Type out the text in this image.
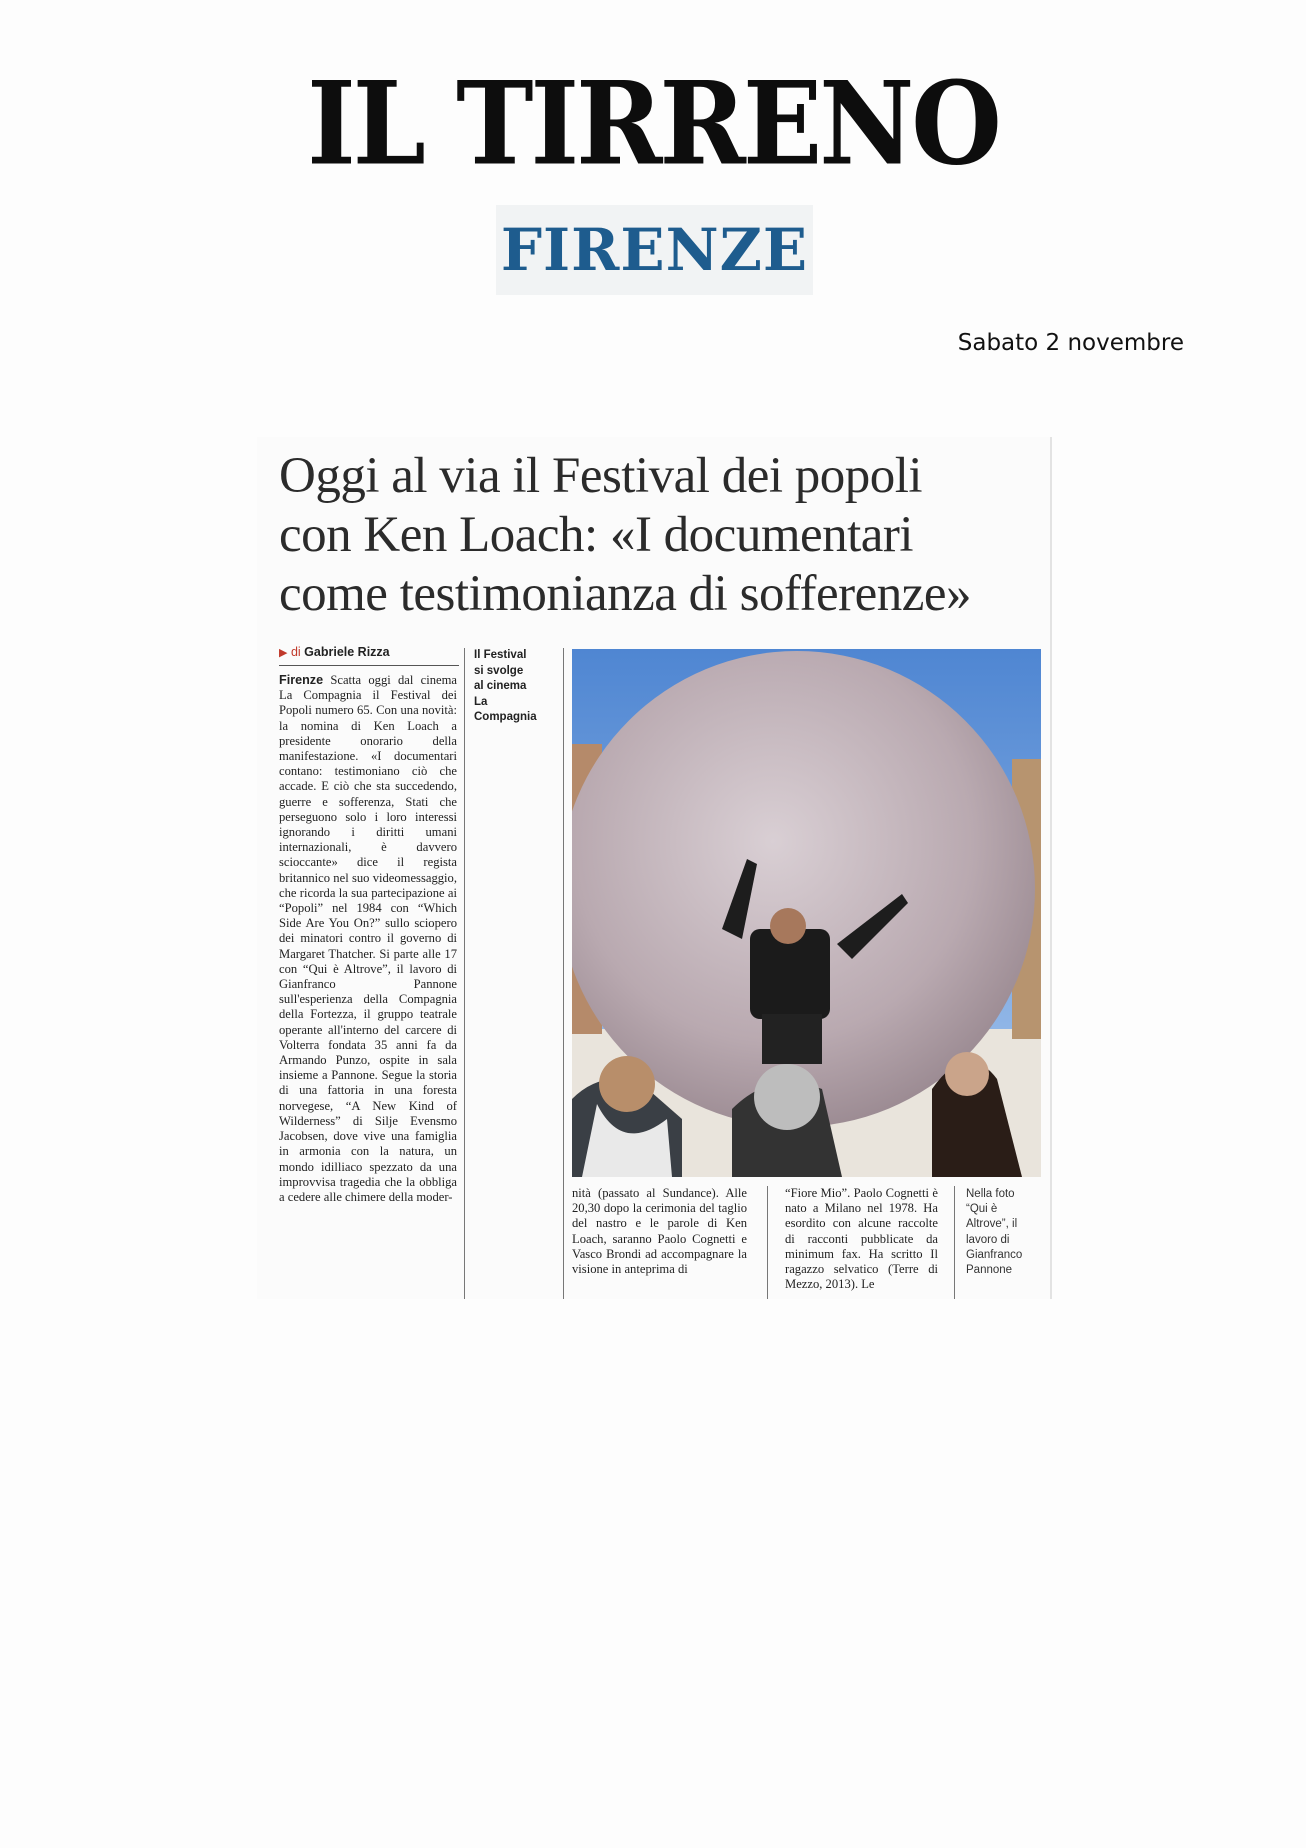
IL TIRRENO
FIRENZE
Sabato 2 novembre
Oggi al via il Festival dei popoli
con Ken Loach: «I documentari
come testimonianza di sofferenze»
▶ di Gabriele Rizza
Firenze Scatta oggi dal cinema La Compagnia il Festival dei Popoli numero 65. Con una novità: la nomina di Ken Loach a presidente onorario della manifestazione. «I documentari contano: testimoniano ciò che accade. E ciò che sta succedendo, guerre e sofferenza, Stati che perseguono solo i loro interessi ignorando i diritti umani internazionali, è davvero scioccante» dice il regista britannico nel suo videomessaggio, che ricorda la sua partecipazione ai “Popoli” nel 1984 con “Which Side Are You On?” sullo sciopero dei minatori contro il governo di Margaret Thatcher. Si parte alle 17 con “Qui è Altrove”, il lavoro di Gianfranco Pannone sull'esperienza della Compagnia della Fortezza, il gruppo teatrale operante all'interno del carcere di Volterra fondata 35 anni fa da Armando Punzo, ospite in sala insieme a Pannone. Segue la storia di una fattoria in una foresta norvegese, “A New Kind of Wilderness” di Silje Evensmo Jacobsen, dove vive una famiglia in armonia con la natura, un mondo idilliaco spezzato da una improvvisa tragedia che la obbliga a cedere alle chimere della moder-
Il Festival
si svolge
al cinema
La
Compagnia
nità (passato al Sundance). Alle 20,30 dopo la cerimonia del taglio del nastro e le parole di Ken Loach, saranno Paolo Cognetti e Vasco Brondi ad accompagnare la visione in anteprima di
“Fiore Mio”. Paolo Cognetti è nato a Milano nel 1978. Ha esordito con alcune raccolte di racconti pubblicate da minimum fax. Ha scritto Il ragazzo selvatico (Terre di Mezzo, 2013). Le
Nella foto
“Qui è
Altrove”, il
lavoro di
Gianfranco
Pannone
